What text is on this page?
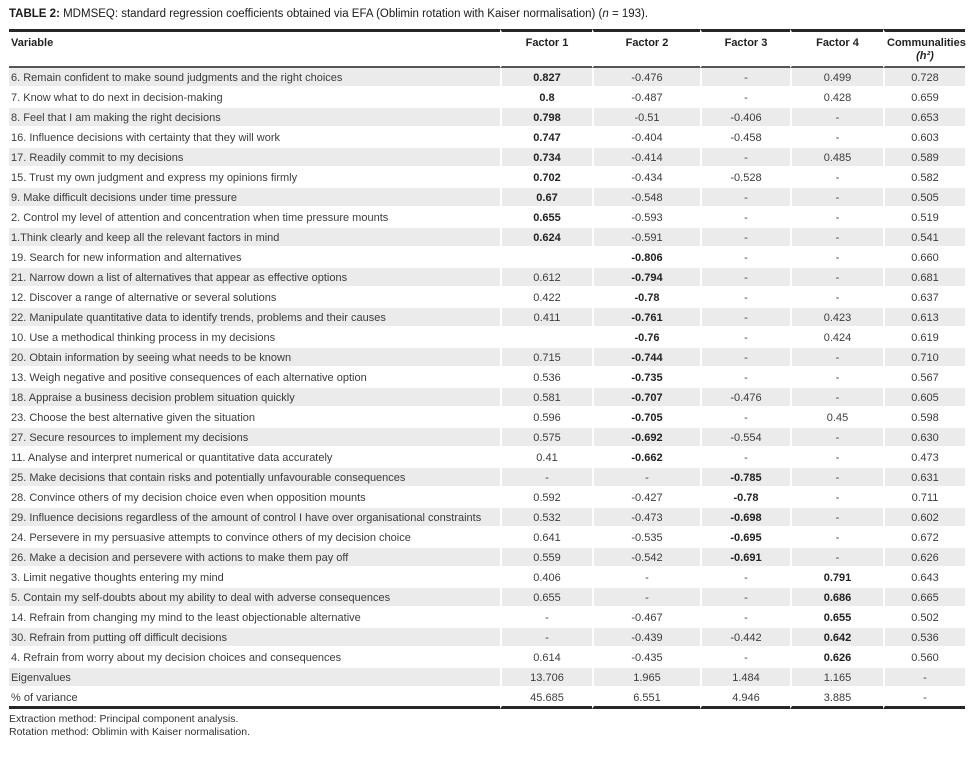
TABLE 2: MDMSEQ: standard regression coefficients obtained via EFA (Oblimin rotation with Kaiser normalisation) (n = 193).
Variable	Factor 1	Factor 2	Factor 3	Factor 4	Communalities
(h²)
6. Remain confident to make sound judgments and the right choices	0.827	-0.476	-	0.499	0.728
7. Know what to do next in decision-making	0.8	-0.487	-	0.428	0.659
8. Feel that I am making the right decisions	0.798	-0.51	-0.406	-	0.653
16. Influence decisions with certainty that they will work	0.747	-0.404	-0.458	-	0.603
17. Readily commit to my decisions	0.734	-0.414	-	0.485	0.589
15. Trust my own judgment and express my opinions firmly	0.702	-0.434	-0.528	-	0.582
9. Make difficult decisions under time pressure	0.67	-0.548	-	-	0.505
2. Control my level of attention and concentration when time pressure mounts	0.655	-0.593	-	-	0.519
1.Think clearly and keep all the relevant factors in mind	0.624	-0.591	-	-	0.541
19. Search for new information and alternatives		-0.806	-	-	0.660
21. Narrow down a list of alternatives that appear as effective options	0.612	-0.794	-	-	0.681
12. Discover a range of alternative or several solutions	0.422	-0.78	-	-	0.637
22. Manipulate quantitative data to identify trends, problems and their causes	0.411	-0.761	-	0.423	0.613
10. Use a methodical thinking process in my decisions		-0.76	-	0.424	0.619
20. Obtain information by seeing what needs to be known	0.715	-0.744	-	-	0.710
13. Weigh negative and positive consequences of each alternative option	0.536	-0.735	-	-	0.567
18. Appraise a business decision problem situation quickly	0.581	-0.707	-0.476	-	0.605
23. Choose the best alternative given the situation	0.596	-0.705	-	0.45	0.598
27. Secure resources to implement my decisions	0.575	-0.692	-0.554	-	0.630
11. Analyse and interpret numerical or quantitative data accurately	0.41	-0.662	-	-	0.473
25. Make decisions that contain risks and potentially unfavourable consequences	-	-	-0.785	-	0.631
28. Convince others of my decision choice even when opposition mounts	0.592	-0.427	-0.78	-	0.711
29. Influence decisions regardless of the amount of control I have over organisational constraints	0.532	-0.473	-0.698	-	0.602
24. Persevere in my persuasive attempts to convince others of my decision choice	0.641	-0.535	-0.695	-	0.672
26. Make a decision and persevere with actions to make them pay off	0.559	-0.542	-0.691	-	0.626
3. Limit negative thoughts entering my mind	0.406	-	-	0.791	0.643
5. Contain my self-doubts about my ability to deal with adverse consequences	0.655	-	-	0.686	0.665
14. Refrain from changing my mind to the least objectionable alternative	-	-0.467	-	0.655	0.502
30. Refrain from putting off difficult decisions	-	-0.439	-0.442	0.642	0.536
4. Refrain from worry about my decision choices and consequences	0.614	-0.435	-	0.626	0.560
Eigenvalues	13.706	1.965	1.484	1.165	-
% of variance	45.685	6.551	4.946	3.885	-
Extraction method: Principal component analysis.
Rotation method: Oblimin with Kaiser normalisation.
